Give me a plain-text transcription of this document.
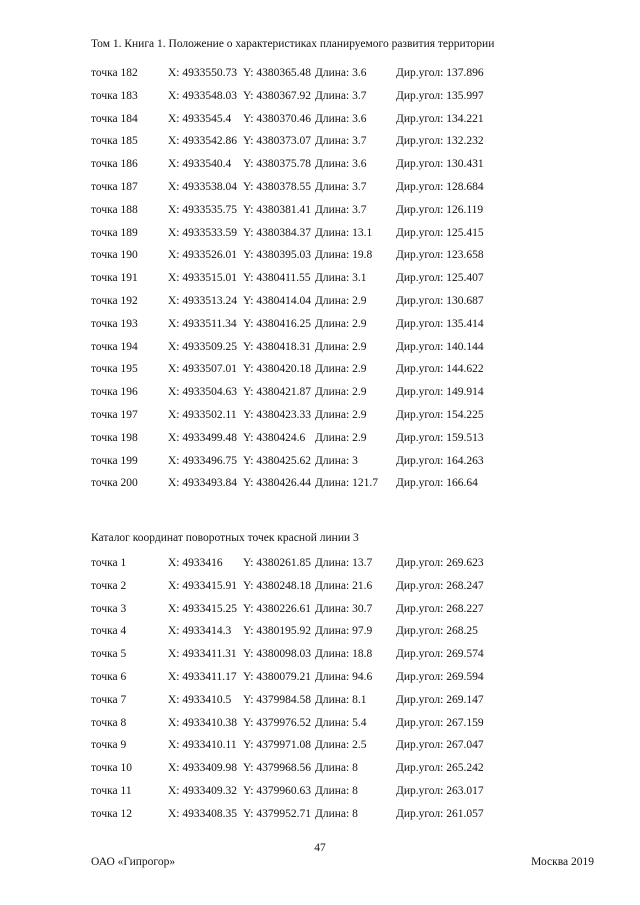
Том 1. Книга 1. Положение о характеристиках планируемого развития территории
точка 182	X: 4933550.73 Y: 4380365.48 Длина: 3.6	Дир.угол: 137.896
точка 183	X: 4933548.03 Y: 4380367.92 Длина: 3.7	Дир.угол: 135.997
точка 184	X: 4933545.4 Y: 4380370.46 Длина: 3.6	Дир.угол: 134.221
точка 185	X: 4933542.86 Y: 4380373.07 Длина: 3.7	Дир.угол: 132.232
точка 186	X: 4933540.4 Y: 4380375.78 Длина: 3.6	Дир.угол: 130.431
точка 187	X: 4933538.04 Y: 4380378.55 Длина: 3.7	Дир.угол: 128.684
точка 188	X: 4933535.75 Y: 4380381.41 Длина: 3.7	Дир.угол: 126.119
точка 189	X: 4933533.59 Y: 4380384.37 Длина: 13.1 Дир.угол: 125.415
точка 190	X: 4933526.01 Y: 4380395.03 Длина: 19.8 Дир.угол: 123.658
точка 191	X: 4933515.01 Y: 4380411.55 Длина: 3.1	Дир.угол: 125.407
точка 192	X: 4933513.24 Y: 4380414.04 Длина: 2.9	Дир.угол: 130.687
точка 193	X: 4933511.34 Y: 4380416.25 Длина: 2.9	Дир.угол: 135.414
точка 194	X: 4933509.25 Y: 4380418.31 Длина: 2.9	Дир.угол: 140.144
точка 195	X: 4933507.01 Y: 4380420.18 Длина: 2.9	Дир.угол: 144.622
точка 196	X: 4933504.63 Y: 4380421.87 Длина: 2.9	Дир.угол: 149.914
точка 197	X: 4933502.11 Y: 4380423.33 Длина: 2.9	Дир.угол: 154.225
точка 198	X: 4933499.48 Y: 4380424.6 Длина: 2.9	Дир.угол: 159.513
точка 199	X: 4933496.75 Y: 4380425.62 Длина: 3	Дир.угол: 164.263
точка 200	X: 4933493.84 Y: 4380426.44 Длина: 121.7 Дир.угол: 166.64
Каталог координат поворотных точек красной линии 3
точка 1	X: 4933416 Y: 4380261.85 Длина: 13.7 Дир.угол: 269.623
точка 2	X: 4933415.91 Y: 4380248.18 Длина: 21.6 Дир.угол: 268.247
точка 3	X: 4933415.25 Y: 4380226.61 Длина: 30.7 Дир.угол: 268.227
точка 4	X: 4933414.3 Y: 4380195.92 Длина: 97.9 Дир.угол: 268.25
точка 5	X: 4933411.31 Y: 4380098.03 Длина: 18.8 Дир.угол: 269.574
точка 6	X: 4933411.17 Y: 4380079.21 Длина: 94.6 Дир.угол: 269.594
точка 7	X: 4933410.5 Y: 4379984.58 Длина: 8.1	Дир.угол: 269.147
точка 8	X: 4933410.38 Y: 4379976.52 Длина: 5.4	Дир.угол: 267.159
точка 9	X: 4933410.11 Y: 4379971.08 Длина: 2.5	Дир.угол: 267.047
точка 10	X: 4933409.98 Y: 4379968.56 Длина: 8	Дир.угол: 265.242
точка 11	X: 4933409.32 Y: 4379960.63 Длина: 8	Дир.угол: 263.017
точка 12	X: 4933408.35 Y: 4379952.71 Длина: 8	Дир.угол: 261.057
47
ОАО «Гипрогор»	Москва 2019
